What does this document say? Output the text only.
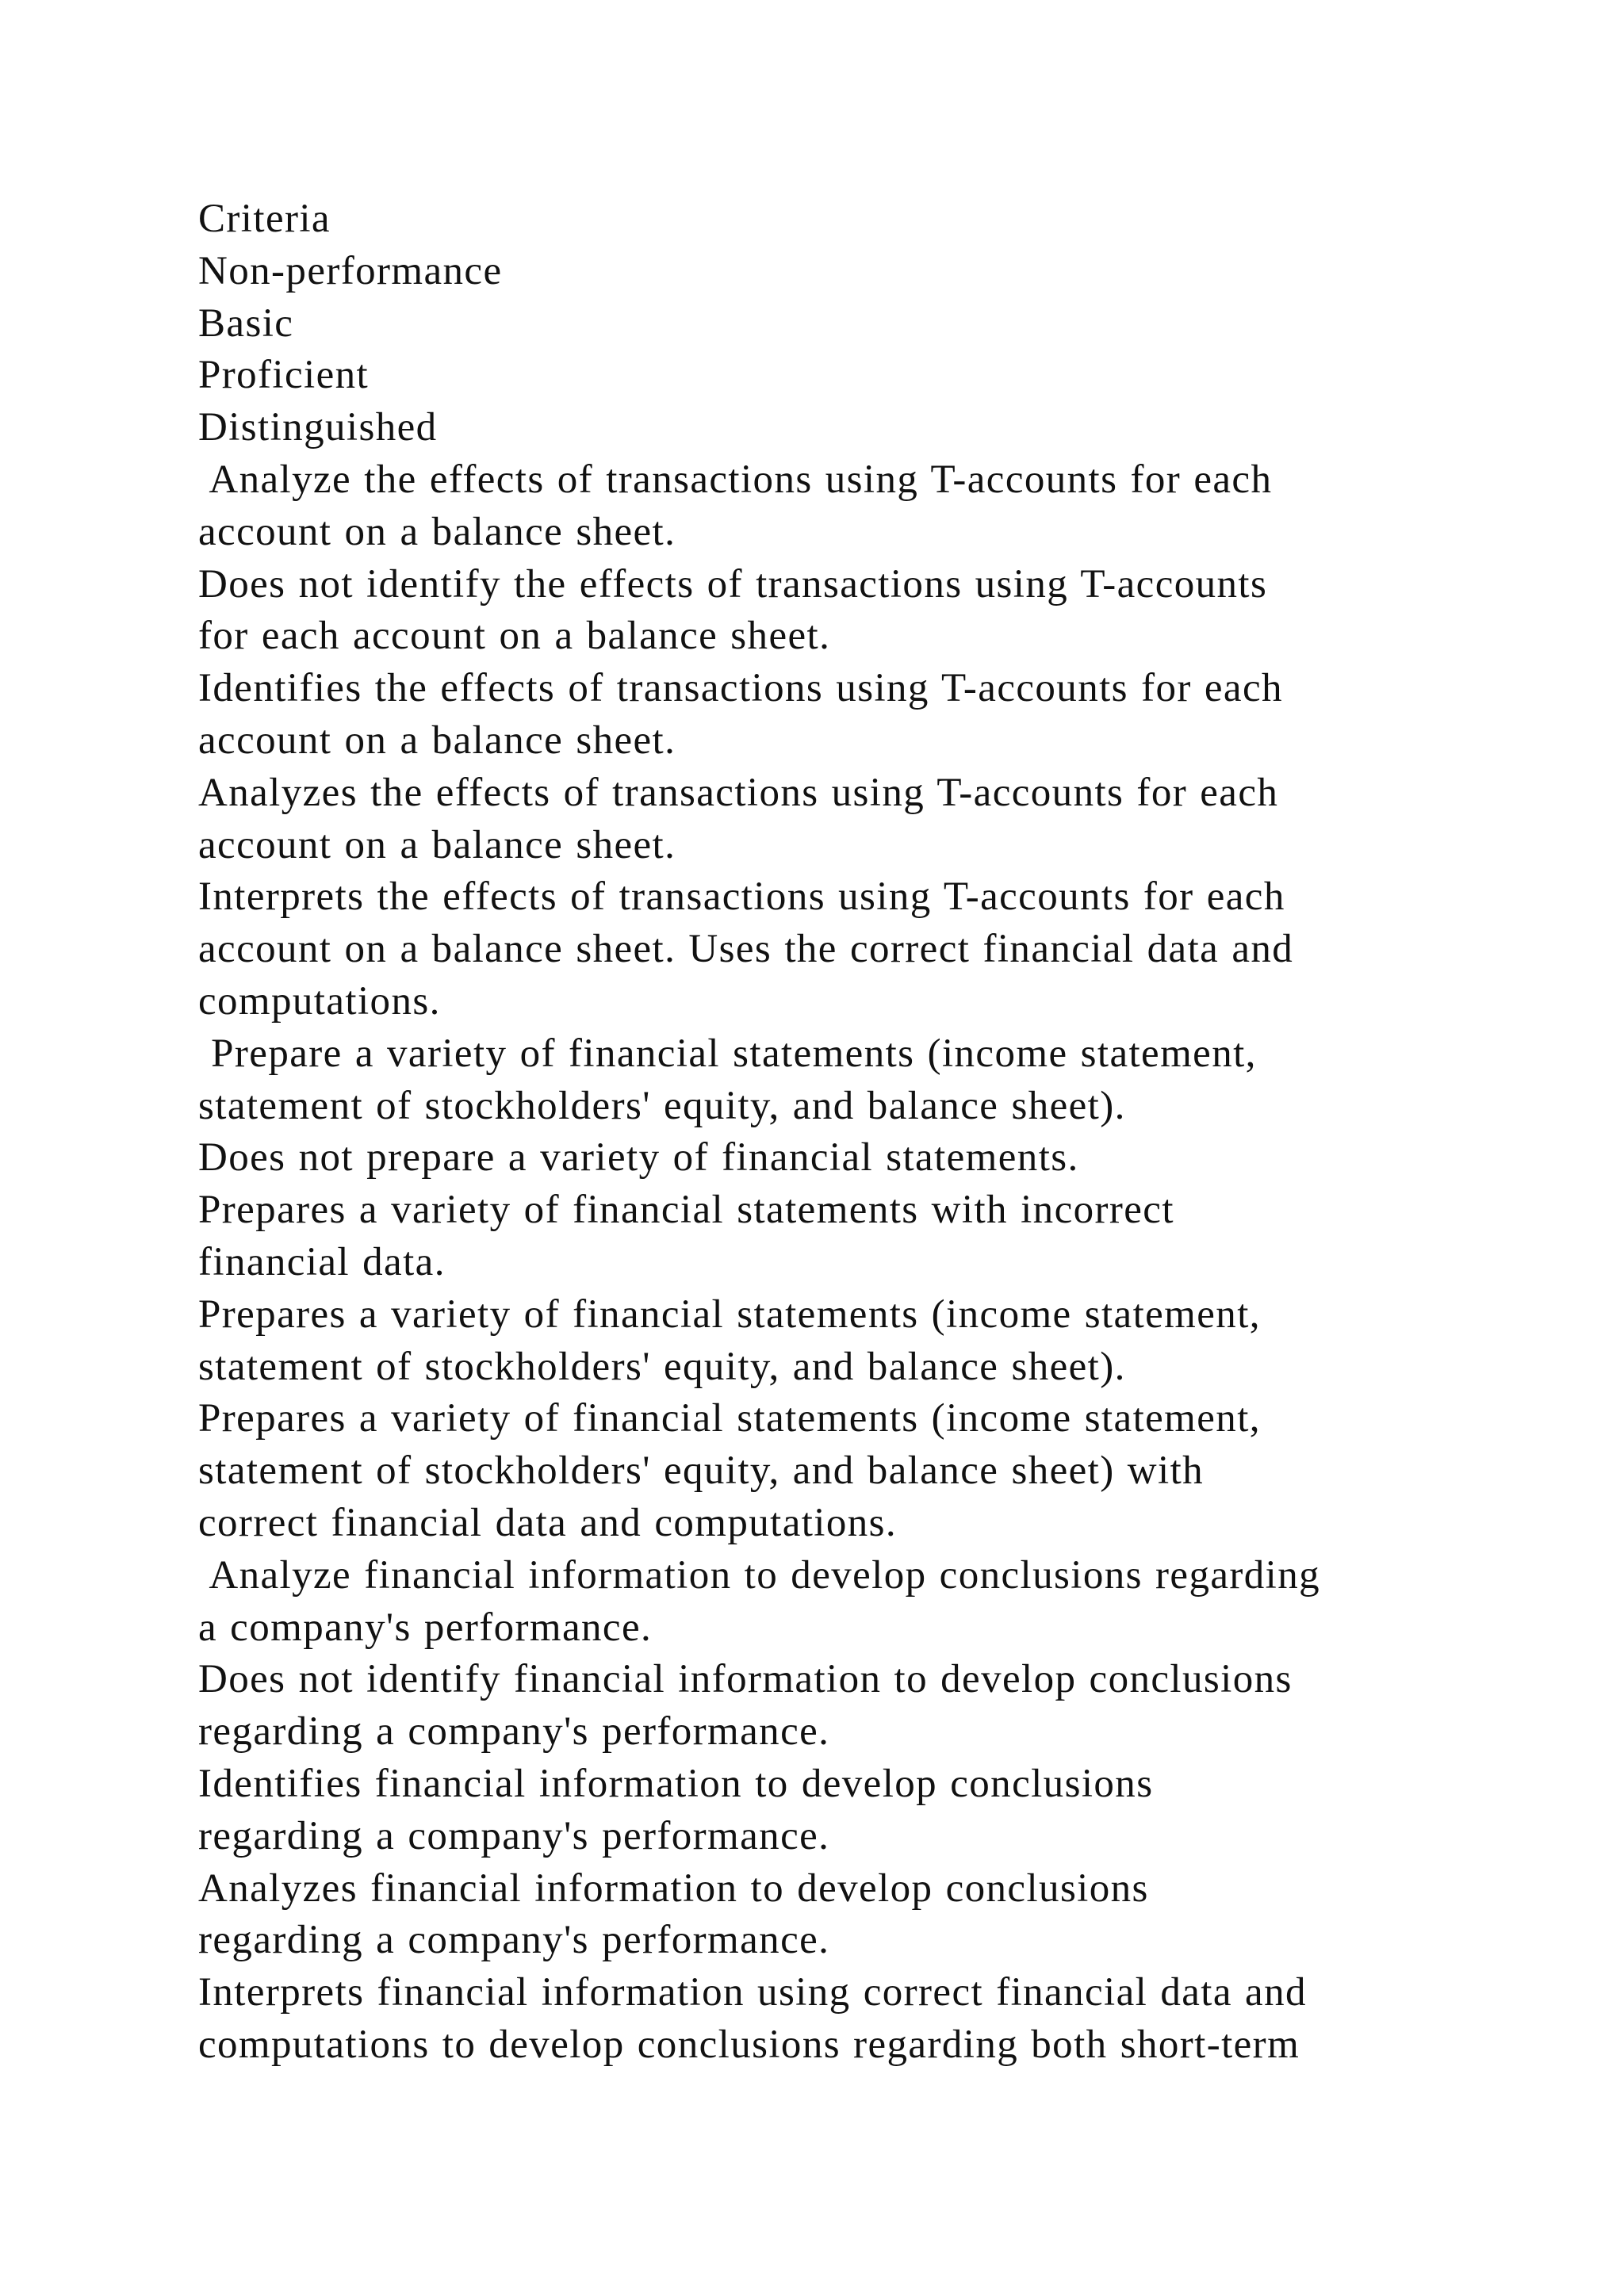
Criteria
Non-performance
Basic
Proficient
Distinguished
Analyze the effects of transactions using T-accounts for each
account on a balance sheet.
Does not identify the effects of transactions using T-accounts
for each account on a balance sheet.
Identifies the effects of transactions using T-accounts for each
account on a balance sheet.
Analyzes the effects of transactions using T-accounts for each
account on a balance sheet.
Interprets the effects of transactions using T-accounts for each
account on a balance sheet. Uses the correct financial data and
computations.
Prepare a variety of financial statements (income statement,
statement of stockholders' equity, and balance sheet).
Does not prepare a variety of financial statements.
Prepares a variety of financial statements with incorrect
financial data.
Prepares a variety of financial statements (income statement,
statement of stockholders' equity, and balance sheet).
Prepares a variety of financial statements (income statement,
statement of stockholders' equity, and balance sheet) with
correct financial data and computations.
Analyze financial information to develop conclusions regarding
a company's performance.
Does not identify financial information to develop conclusions
regarding a company's performance.
Identifies financial information to develop conclusions
regarding a company's performance.
Analyzes financial information to develop conclusions
regarding a company's performance.
Interprets financial information using correct financial data and
computations to develop conclusions regarding both short-term
